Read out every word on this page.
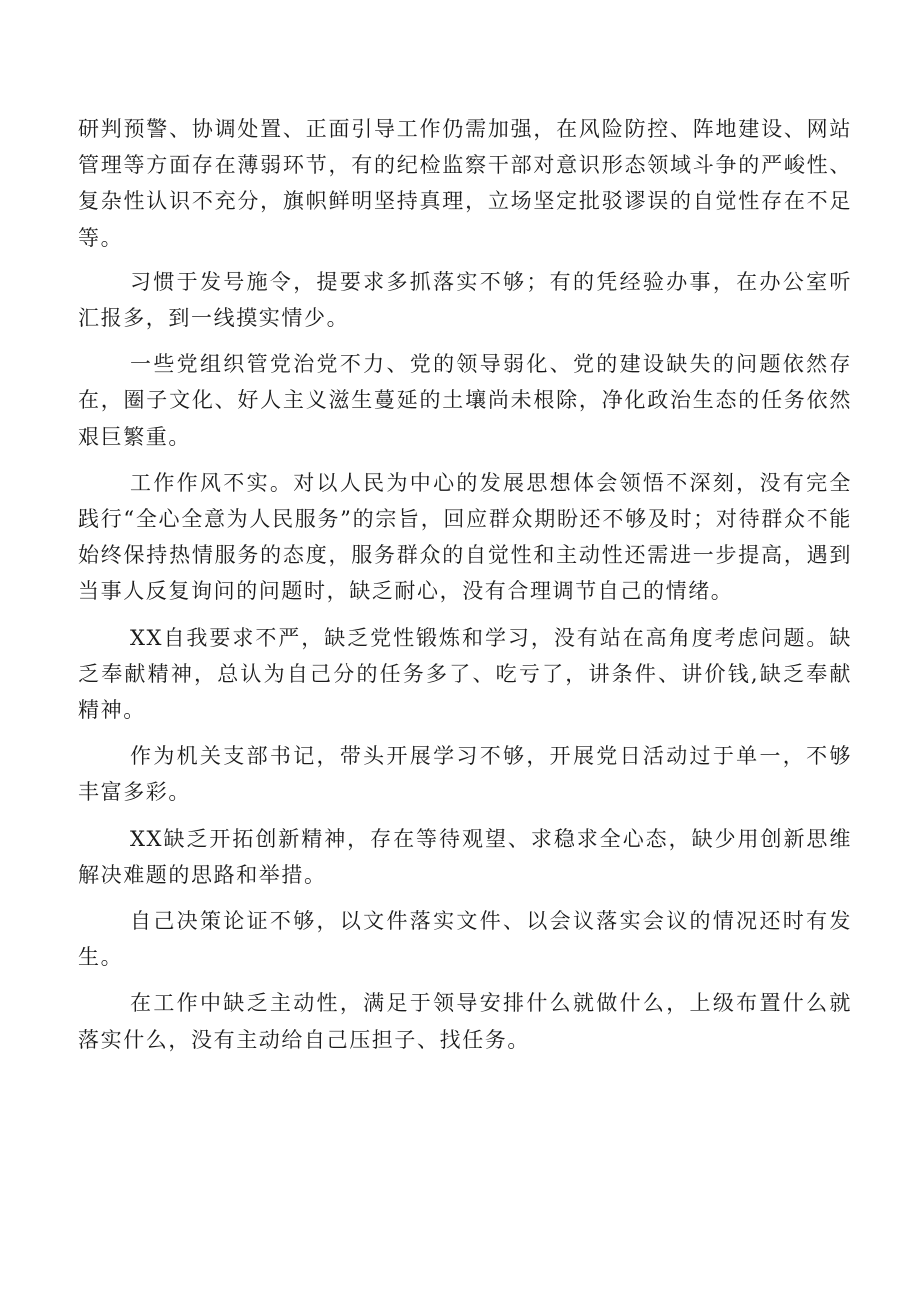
研判预警、协调处置、正面引导工作仍需加强，在风险防控、阵地建设、网站管理等方面存在薄弱环节，有的纪检监察干部对意识形态领域斗争的严峻性、复杂性认识不充分，旗帜鲜明坚持真理，立场坚定批驳谬误的自觉性存在不足等。

习惯于发号施令，提要求多抓落实不够；有的凭经验办事，在办公室听汇报多，到一线摸实情少。

一些党组织管党治党不力、党的领导弱化、党的建设缺失的问题依然存在，圈子文化、好人主义滋生蔓延的土壤尚未根除，净化政治生态的任务依然艰巨繁重。

工作作风不实。对以人民为中心的发展思想体会领悟不深刻，没有完全践行“全心全意为人民服务”的宗旨，回应群众期盼还不够及时；对待群众不能始终保持热情服务的态度，服务群众的自觉性和主动性还需进一步提高，遇到当事人反复询问的问题时，缺乏耐心，没有合理调节自己的情绪。

XX自我要求不严，缺乏党性锻炼和学习，没有站在高角度考虑问题。缺乏奉献精神，总认为自己分的任务多了、吃亏了，讲条件、讲价钱,缺乏奉献精神。

作为机关支部书记，带头开展学习不够，开展党日活动过于单一，不够丰富多彩。

XX缺乏开拓创新精神，存在等待观望、求稳求全心态，缺少用创新思维解决难题的思路和举措。

自己决策论证不够，以文件落实文件、以会议落实会议的情况还时有发生。

在工作中缺乏主动性，满足于领导安排什么就做什么，上级布置什么就落实什么，没有主动给自己压担子、找任务。
